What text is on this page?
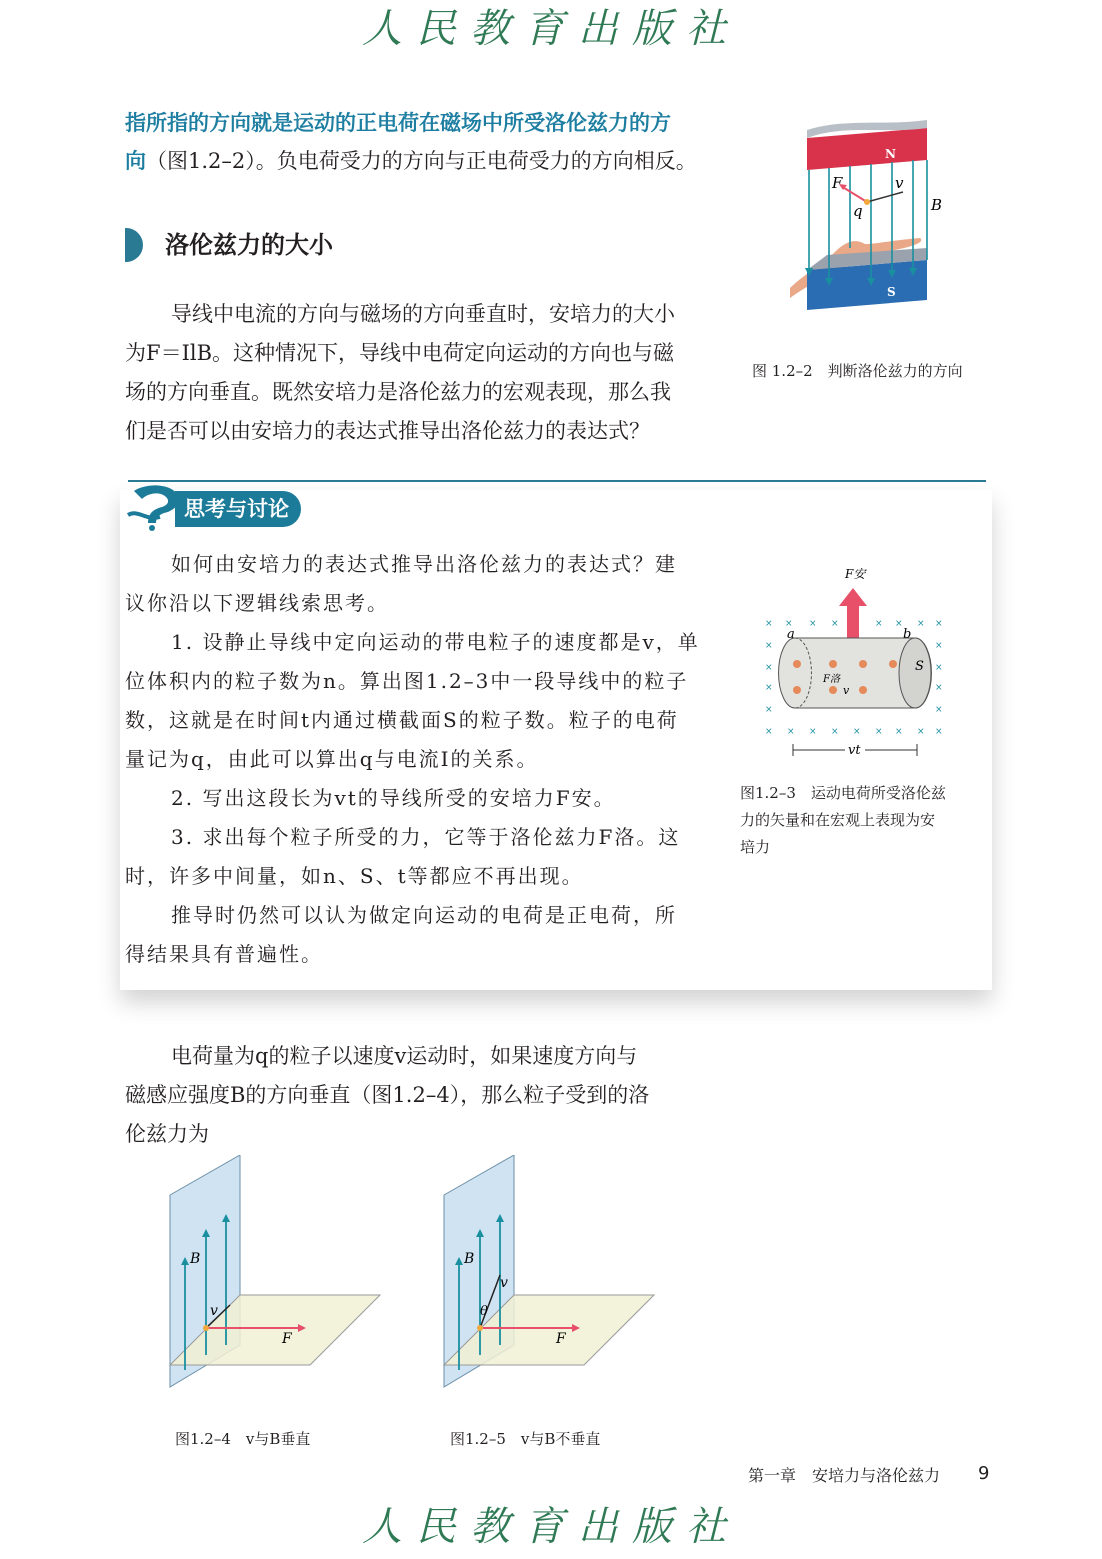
人民教育出版社
指所指的方向就是运动的正电荷在磁场中所受洛伦兹力的方
向（图1.2–2）。负电荷受力的方向与正电荷受力的方向相反。
洛伦兹力的大小
导线中电流的方向与磁场的方向垂直时，安培力的大小
为F＝IlB。这种情况下，导线中电荷定向运动的方向也与磁
场的方向垂直。既然安培力是洛伦兹力的宏观表现，那么我
们是否可以由安培力的表达式推导出洛伦兹力的表达式？
S
N
F	v
q	B
图 1.2–2　判断洛伦兹力的方向
思考与讨论
如何由安培力的表达式推导出洛伦兹力的表达式？建
议你沿以下逻辑线索思考。
1. 设静止导线中定向运动的带电粒子的速度都是v，单
位体积内的粒子数为n。算出图1.2–3中一段导线中的粒子
数，这就是在时间t内通过横截面S的粒子数。粒子的电荷
量记为q，由此可以算出q与电流I的关系。
2. 写出这段长为vt的导线所受的安培力F安。
3. 求出每个粒子所受的力，它等于洛伦兹力F洛。这
时，许多中间量，如n、S、t等都应不再出现。
推导时仍然可以认为做定向运动的电荷是正电荷，所
得结果具有普遍性。
× × × ×	× × × ×
×	×
×	×
×	×
×	×
× × × × × × × × ×
F安
a	b
S
F洛
v
vt
图1.2–3　运动电荷所受洛伦兹
力的矢量和在宏观上表现为安
培力
电荷量为q的粒子以速度v运动时，如果速度方向与
磁感应强度B的方向垂直（图1.2–4），那么粒子受到的洛
伦兹力为
B
v
F
图1.2–4　v与B垂直
B
v
θ
F
图1.2–5　v与B不垂直
第一章　安培力与洛伦兹力 9
人民教育出版社
